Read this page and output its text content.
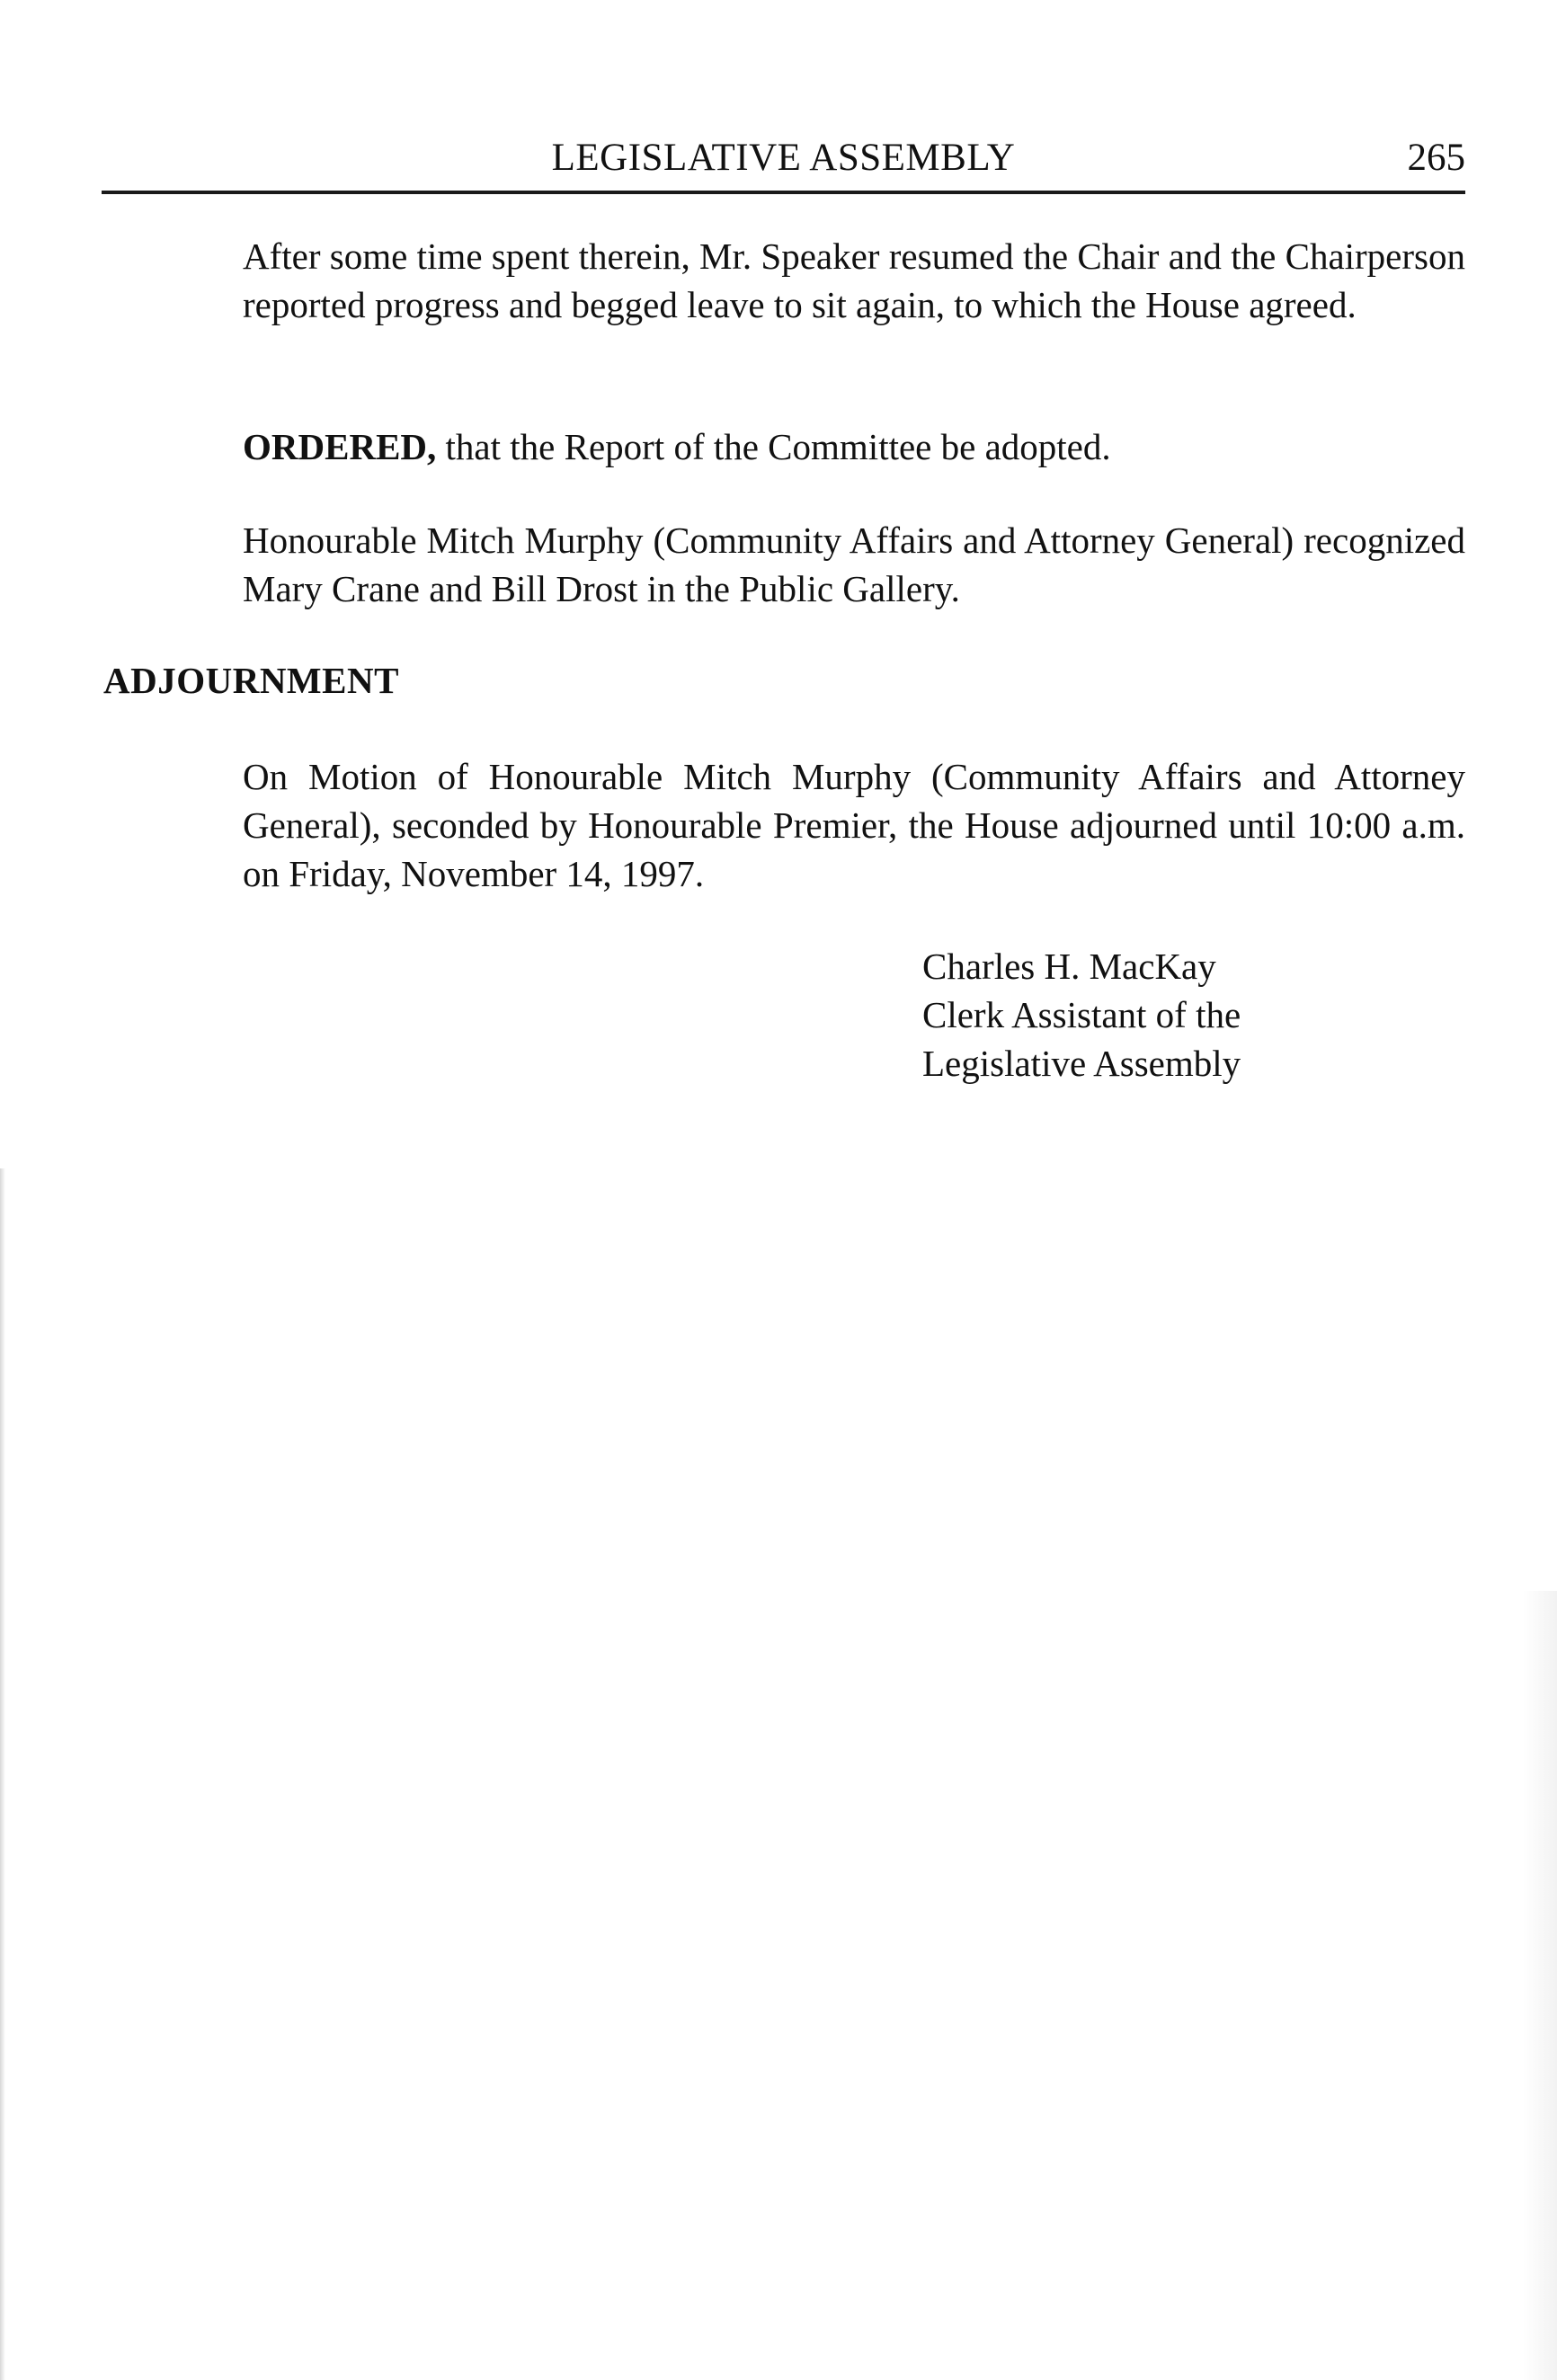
LEGISLATIVE ASSEMBLY	265

After some time spent therein, Mr. Speaker resumed the Chair and the Chairperson reported progress and begged leave to sit again, to which the House agreed.

ORDERED, that the Report of the Committee be adopted.

Honourable Mitch Murphy (Community Affairs and Attorney General) recognized Mary Crane and Bill Drost in the Public Gallery.

ADJOURNMENT

On Motion of Honourable Mitch Murphy (Community Affairs and Attorney General), seconded by Honourable Premier, the House adjourned until 10:00 a.m. on Friday, November 14, 1997.

Charles H. MacKay
Clerk Assistant of the
Legislative Assembly
